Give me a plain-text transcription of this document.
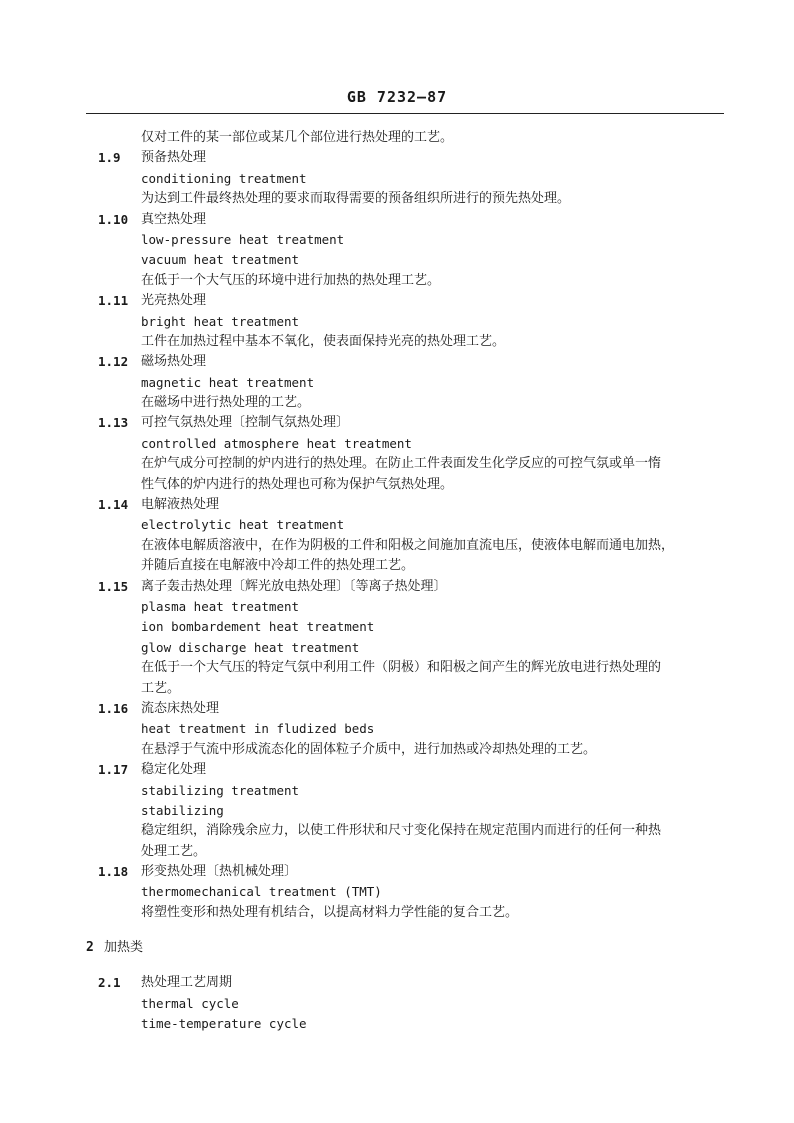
GB 7232—87
仅对工件的某一部位或某几个部位进行热处理的工艺。
1.9	预备热处理
conditioning treatment
为达到工件最终热处理的要求而取得需要的预备组织所进行的预先热处理。
1.10 真空热处理
low-pressure heat treatment
vacuum heat treatment
在低于一个大气压的环境中进行加热的热处理工艺。
1.11 光亮热处理
bright heat treatment
工件在加热过程中基本不氧化，使表面保持光亮的热处理工艺。
1.12 磁场热处理
magnetic heat treatment
在磁场中进行热处理的工艺。
1.13 可控气氛热处理〔控制气氛热处理〕
controlled atmosphere heat treatment
在炉气成分可控制的炉内进行的热处理。在防止工件表面发生化学反应的可控气氛或单一惰
性气体的炉内进行的热处理也可称为保护气氛热处理。
1.14 电解液热处理
electrolytic heat treatment
在液体电解质溶液中，在作为阴极的工件和阳极之间施加直流电压，使液体电解而通电加热，
并随后直接在电解液中冷却工件的热处理工艺。
1.15 离子轰击热处理〔辉光放电热处理〕〔等离子热处理〕
plasma heat treatment
ion bombardement heat treatment
glow discharge heat treatment
在低于一个大气压的特定气氛中利用工件（阴极）和阳极之间产生的辉光放电进行热处理的
工艺。
1.16 流态床热处理
heat treatment in fludized beds
在悬浮于气流中形成流态化的固体粒子介质中，进行加热或冷却热处理的工艺。
1.17 稳定化处理
stabilizing treatment
stabilizing
稳定组织，消除残余应力，以使工件形状和尺寸变化保持在规定范围内而进行的任何一种热
处理工艺。
1.18 形变热处理〔热机械处理〕
thermomechanical treatment (TMT)
将塑性变形和热处理有机结合，以提高材料力学性能的复合工艺。
2 加热类
2.1	热处理工艺周期
thermal cycle
time-temperature cycle
